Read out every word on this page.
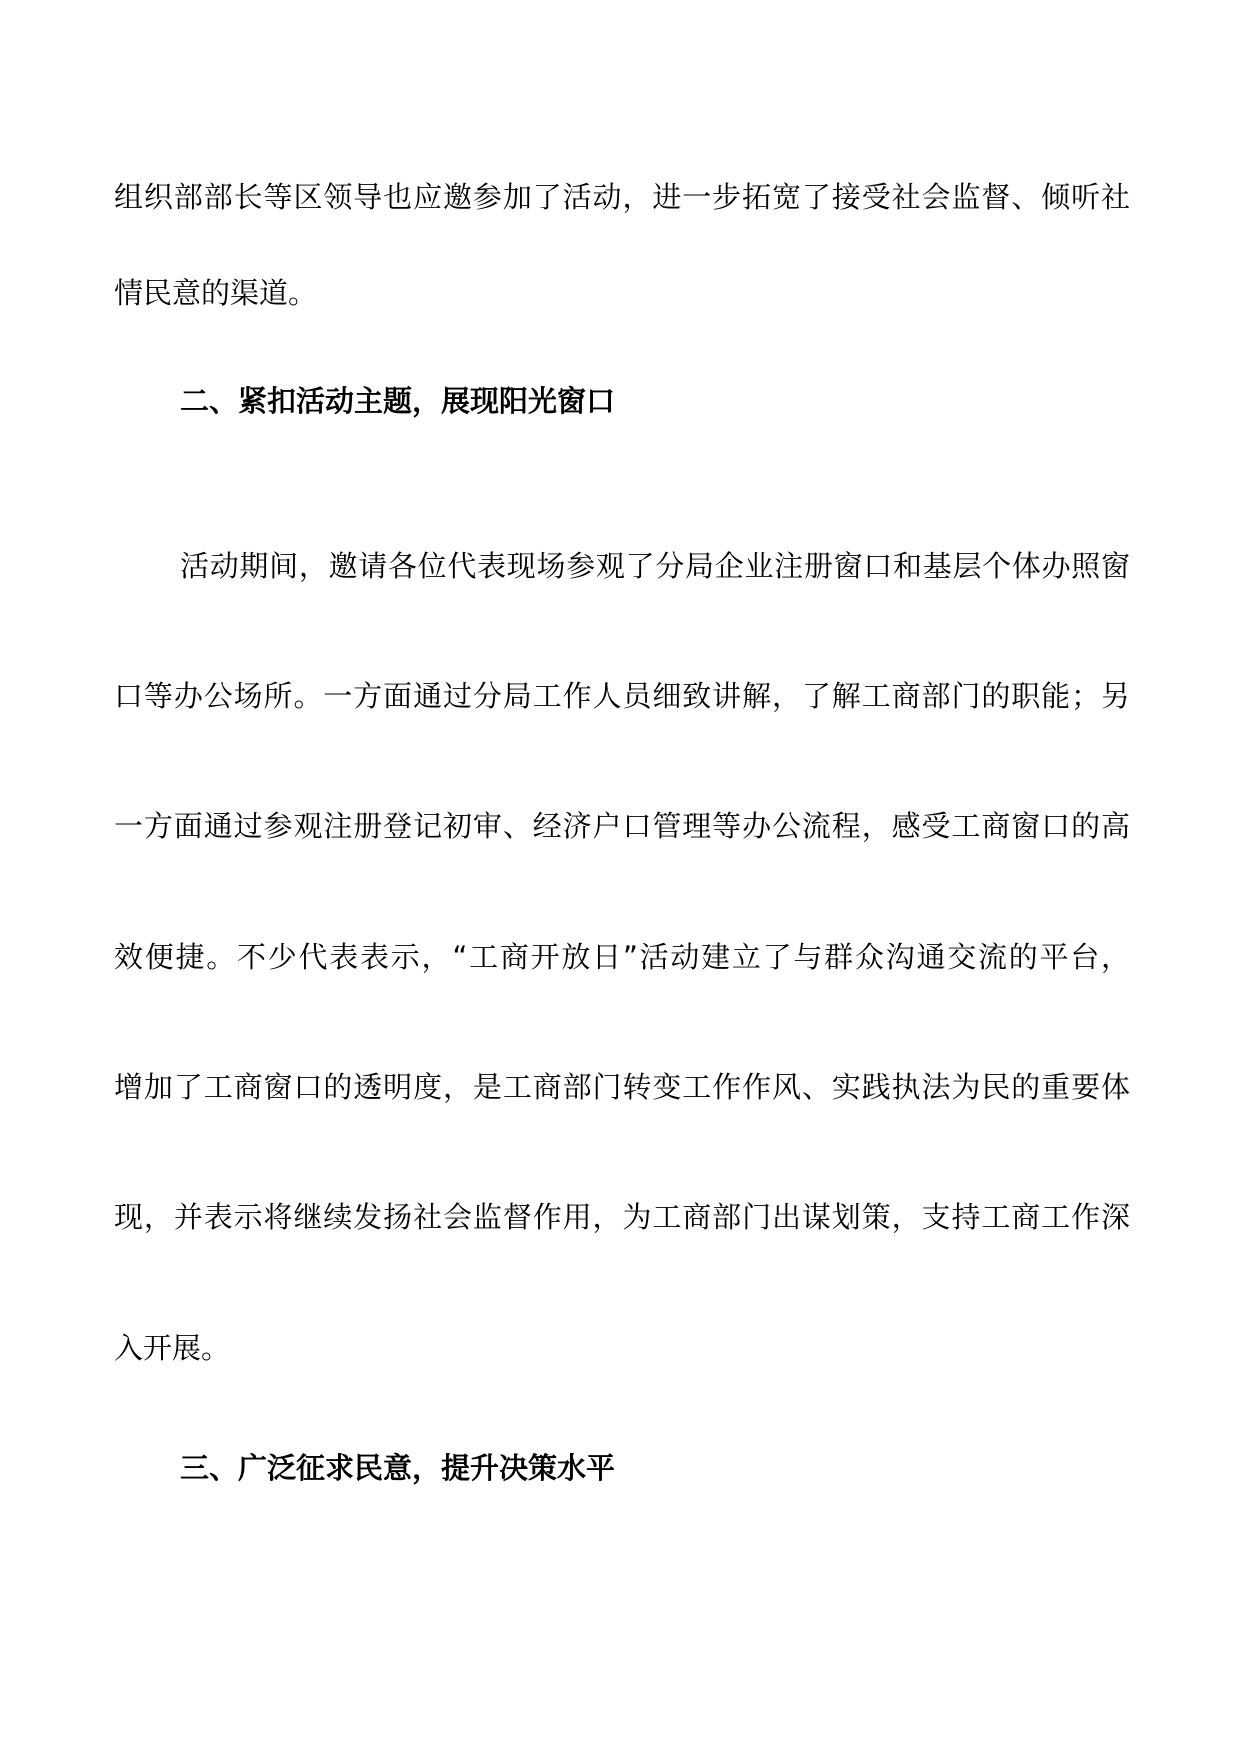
组织部部长等区领导也应邀参加了活动，进一步拓宽了接受社会监督、倾听社
情民意的渠道。
二、紧扣活动主题，展现阳光窗口
活动期间，邀请各位代表现场参观了分局企业注册窗口和基层个体办照窗
口等办公场所。一方面通过分局工作人员细致讲解，了解工商部门的职能；另
一方面通过参观注册登记初审、经济户口管理等办公流程，感受工商窗口的高
效便捷。不少代表表示，“工商开放日”活动建立了与群众沟通交流的平台，
增加了工商窗口的透明度，是工商部门转变工作作风、实践执法为民的重要体
现，并表示将继续发扬社会监督作用，为工商部门出谋划策，支持工商工作深
入开展。
三、广泛征求民意，提升决策水平
